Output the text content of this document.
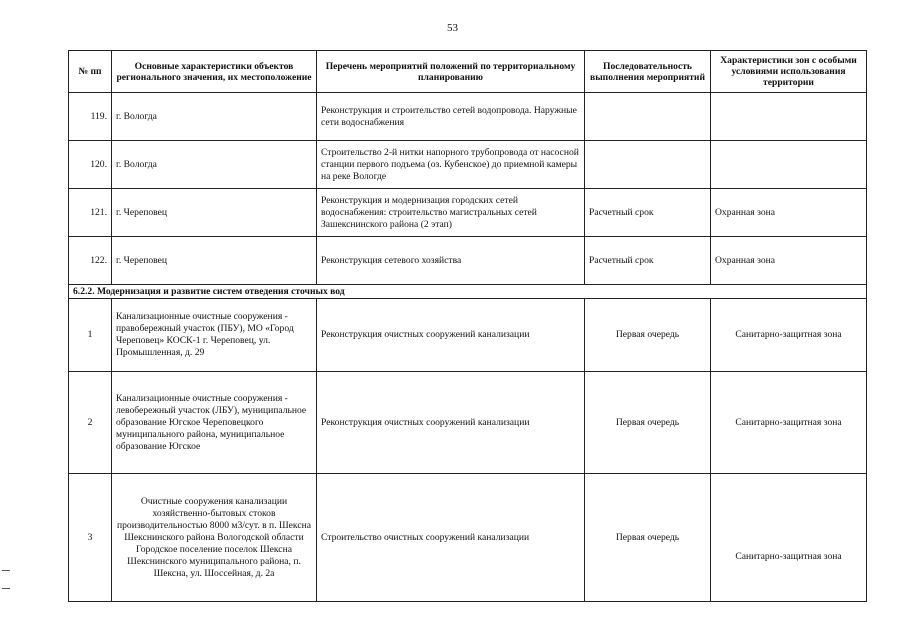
53
№ пп	Основные характеристики объектов регионального значения, их местоположение	Перечень мероприятий положений по территориальному планированию	Последовательность выполнения мероприятий	Характеристики зон с особыми условиями использования территории
119.	г. Вологда	Реконструкция и строительство сетей водопровода. Наружные сети водоснабжения		
120.	г. Вологда	Строительство 2-й нитки напорного трубопровода от насосной станции первого подъема (оз. Кубенское) до приемной камеры на реке Вологде		
121.	г. Череповец	Реконструкция и модернизация городских сетей водоснабжения: строительство магистральных сетей Зашекснинского района (2 этап)	Расчетный срок	Охранная зона
122.	г. Череповец	Реконструкция сетевого хозяйства	Расчетный срок	Охранная зона
6.2.2. Модернизация и развитие систем отведения сточных вод				
1	Канализационные очистные сооружения - правобережный участок (ПБУ), МО «Город Череповец» КОСК-1 г. Череповец, ул. Промышленная, д. 29	Реконструкция очистных сооружений канализации	Первая очередь	Санитарно-защитная зона
2	Канализационные очистные сооружения - левобережный участок (ЛБУ), муниципальное образование Югское Череповецкого муниципального района, муниципальное образование Югское	Реконструкция очистных сооружений канализации	Первая очередь	Санитарно-защитная зона
3	Очистные сооружения канализации хозяйственно-бытовых стоков производительностью 8000 м3/сут. в п. Шексна Шекснинского района Вологодской области Городское поселение поселок Шексна Шекснинского муниципального района, п. Шексна, ул. Шоссейная, д. 2а	Строительство очистных сооружений канализации	Первая очередь	Санитарно-защитная зона
